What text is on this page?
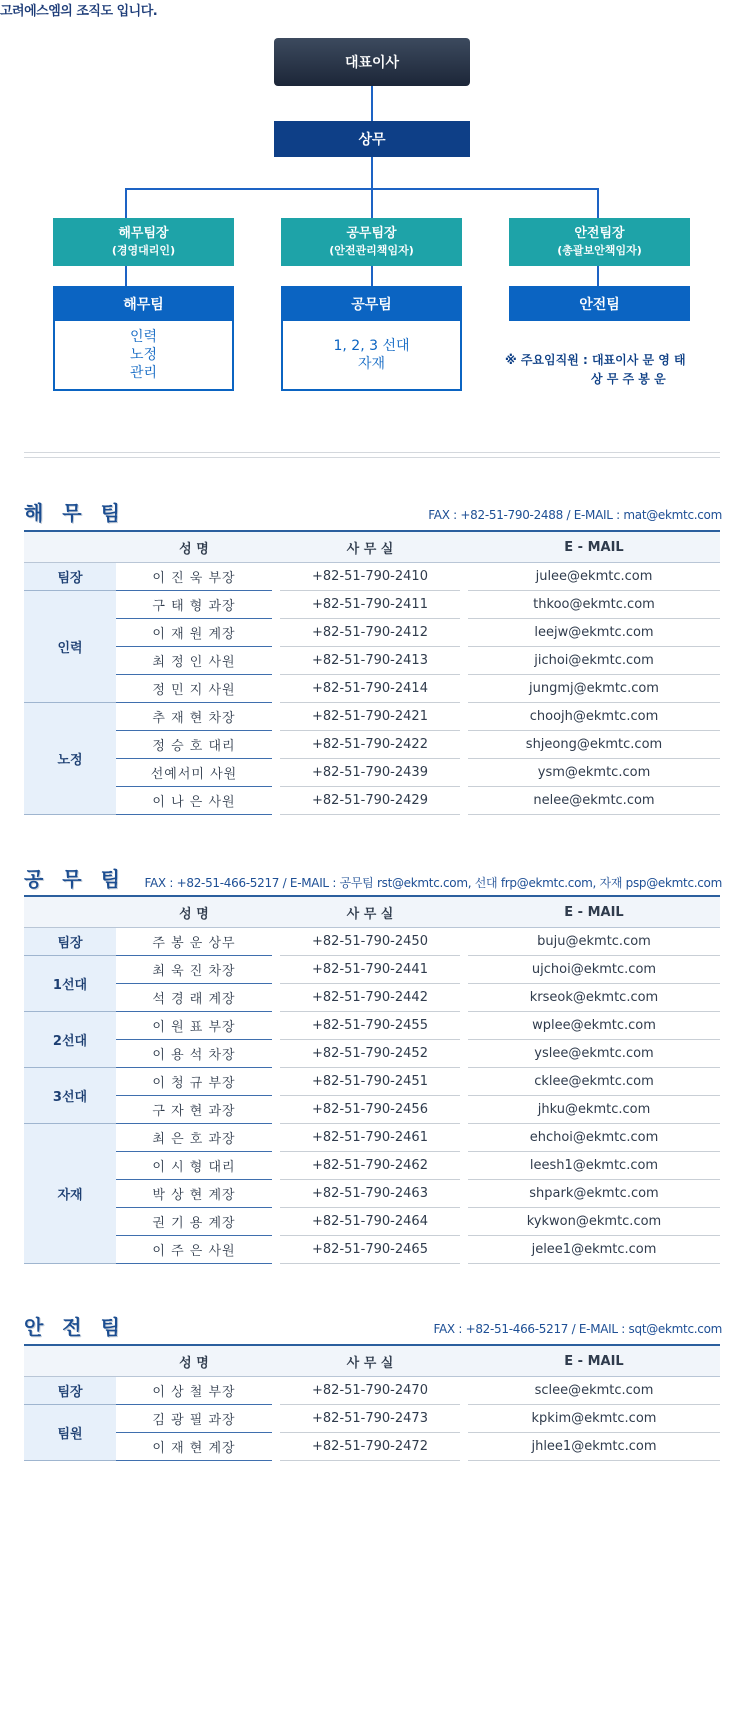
고려에스엠의 조직도 입니다.
대표이사
상무
해무팀장
(경영대리인)
공무팀장
(안전관리책임자)
안전팀장
(총괄보안책임자)
해무팀	공무팀	안전팀
인력
노정
관리
1, 2, 3 선대
자재	※ 주요임직원 : 대표이사 문 영 태
상 무 주 봉 운
해 무 팀	FAX : +82-51-790-2488 / E-MAIL : mat@ekmtc.com
	성 명		사 무 실		E - MAIL
팀장	이 진 욱 부장		+82-51-790-2410		julee@ekmtc.com
인력	구 태 형 과장		+82-51-790-2411		thkoo@ekmtc.com
	이 재 원 계장		+82-51-790-2412		leejw@ekmtc.com
	최 정 인 사원		+82-51-790-2413		jichoi@ekmtc.com
	정 민 지 사원		+82-51-790-2414		jungmj@ekmtc.com
노정	추 재 현 차장		+82-51-790-2421		choojh@ekmtc.com
	정 승 호 대리		+82-51-790-2422		shjeong@ekmtc.com
	선예서미 사원		+82-51-790-2439		ysm@ekmtc.com
	이 나 은 사원		+82-51-790-2429		nelee@ekmtc.com
공 무 팀	FAX : +82-51-466-5217 / E-MAIL : 공무팀 rst@ekmtc.com, 선대 frp@ekmtc.com, 자재 psp@ekmtc.com
	성 명		사 무 실		E - MAIL
팀장	주 봉 운 상무		+82-51-790-2450		buju@ekmtc.com
1선대	최 욱 진 차장		+82-51-790-2441		ujchoi@ekmtc.com
	석 경 래 계장		+82-51-790-2442		krseok@ekmtc.com
2선대	이 원 표 부장		+82-51-790-2455		wplee@ekmtc.com
	이 용 석 차장		+82-51-790-2452		yslee@ekmtc.com
3선대	이 청 규 부장		+82-51-790-2451		cklee@ekmtc.com
	구 자 현 과장		+82-51-790-2456		jhku@ekmtc.com
자재	최 은 호 과장		+82-51-790-2461		ehchoi@ekmtc.com
	이 시 형 대리		+82-51-790-2462		leesh1@ekmtc.com
	박 상 현 계장		+82-51-790-2463		shpark@ekmtc.com
	권 기 용 계장		+82-51-790-2464		kykwon@ekmtc.com
	이 주 은 사원		+82-51-790-2465		jelee1@ekmtc.com
안 전 팀	FAX : +82-51-466-5217 / E-MAIL : sqt@ekmtc.com
	성 명		사 무 실		E - MAIL
팀장	이 상 철 부장		+82-51-790-2470		sclee@ekmtc.com
팀원	김 광 필 과장		+82-51-790-2473		kpkim@ekmtc.com
	이 재 현 계장		+82-51-790-2472		jhlee1@ekmtc.com
